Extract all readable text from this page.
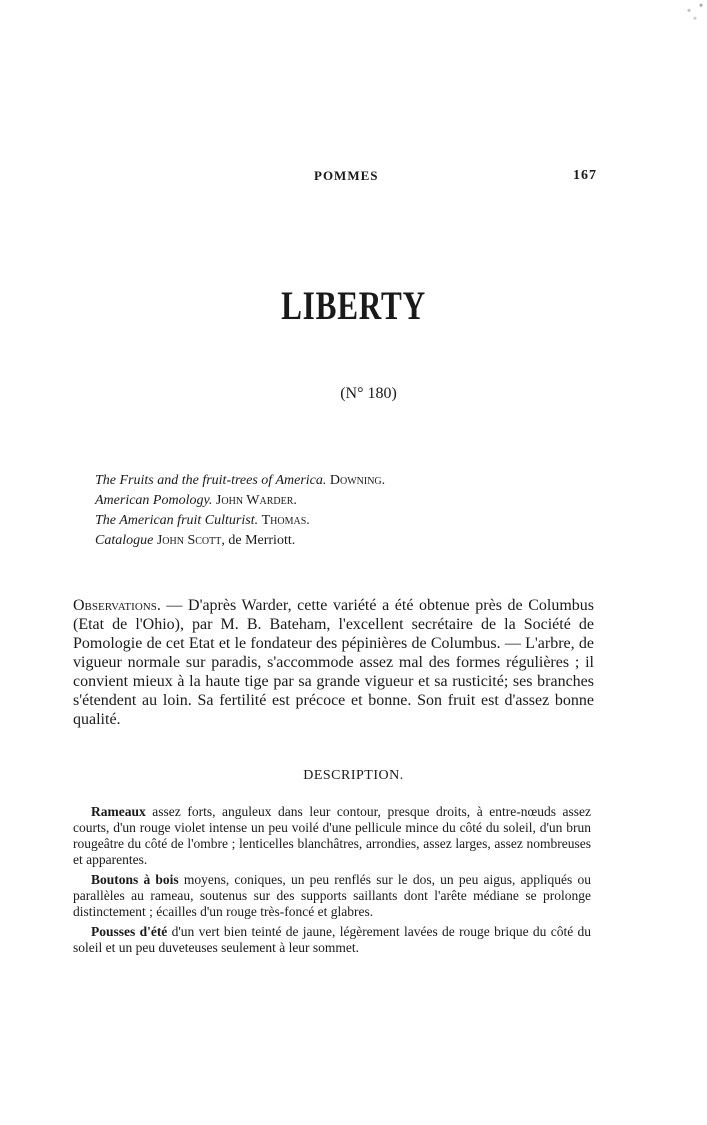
POMMES	167
LIBERTY
(N° 180)
The Fruits and the fruit-trees of America. Downing.
American Pomology. John Warder.
The American fruit Culturist. Thomas.
Catalogue John Scott, de Merriott.
Observations. — D'après Warder, cette variété a été obtenue près de Columbus (Etat de l'Ohio), par M. B. Bateham, l'excellent secrétaire de la Société de Pomologie de cet Etat et le fondateur des pépinières de Columbus. — L'arbre, de vigueur normale sur paradis, s'accommode assez mal des formes régulières ; il convient mieux à la haute tige par sa grande vigueur et sa rusticité; ses branches s'étendent au loin. Sa fertilité est précoce et bonne. Son fruit est d'assez bonne qualité.
DESCRIPTION.

Rameaux assez forts, anguleux dans leur contour, presque droits, à entre-nœuds assez courts, d'un rouge violet intense un peu voilé d'une pellicule mince du côté du soleil, d'un brun rougeâtre du côté de l'ombre ; lenticelles blanchâtres, arrondies, assez larges, assez nombreuses et apparentes.

Boutons à bois moyens, coniques, un peu renflés sur le dos, un peu aigus, appliqués ou parallèles au rameau, soutenus sur des supports saillants dont l'arête médiane se prolonge distinctement ; écailles d'un rouge très-foncé et glabres.

Pousses d'été d'un vert bien teinté de jaune, légèrement lavées de rouge brique du côté du soleil et un peu duveteuses seulement à leur sommet.
